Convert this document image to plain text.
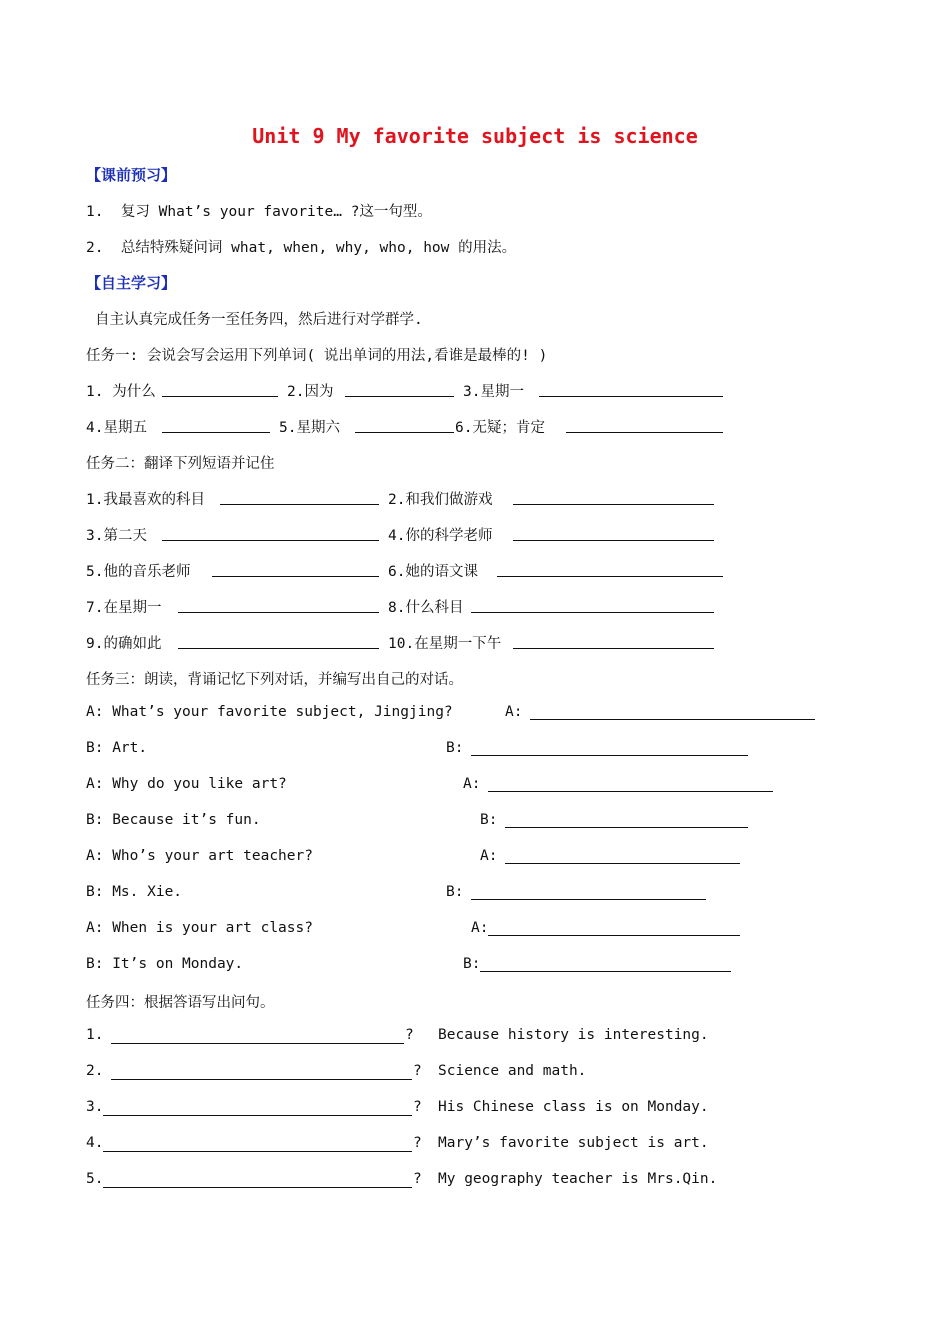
Unit 9 My favorite subject is science
【课前预习】
1.  复习 What’s your favorite… ?这一句型。
2.  总结特殊疑问词 what, when, why, who, how 的用法。
【自主学习】
自主认真完成任务一至任务四，然后进行对学群学.
任务一: 会说会写会运用下列单词( 说出单词的用法,看谁是最棒的! )
1. 为什么	2.因为	3.星期一
4.星期五	5.星期六	6.无疑；肯定
任务二：翻译下列短语并记住
1.我最喜欢的科目	2.和我们做游戏
3.第二天	4.你的科学老师
5.他的音乐老师	6.她的语文课
7.在星期一	8.什么科目
9.的确如此	10.在星期一下午
任务三：朗读，背诵记忆下列对话，并编写出自己的对话。
A: What’s your favorite subject, Jingjing?	A:
B: Art.	B:
A: Why do you like art?	A:
B: Because it’s fun.	B:
A: Who’s your art teacher?	A:
B: Ms. Xie.	B:
A: When is your art class?	A:
B: It’s on Monday.	B:
任务四：根据答语写出问句。
1.	? Because history is interesting.
2.	? Science and math.
3.	? His Chinese class is on Monday.
4.	? Mary’s favorite subject is art.
5.	? My geography teacher is Mrs.Qin.
